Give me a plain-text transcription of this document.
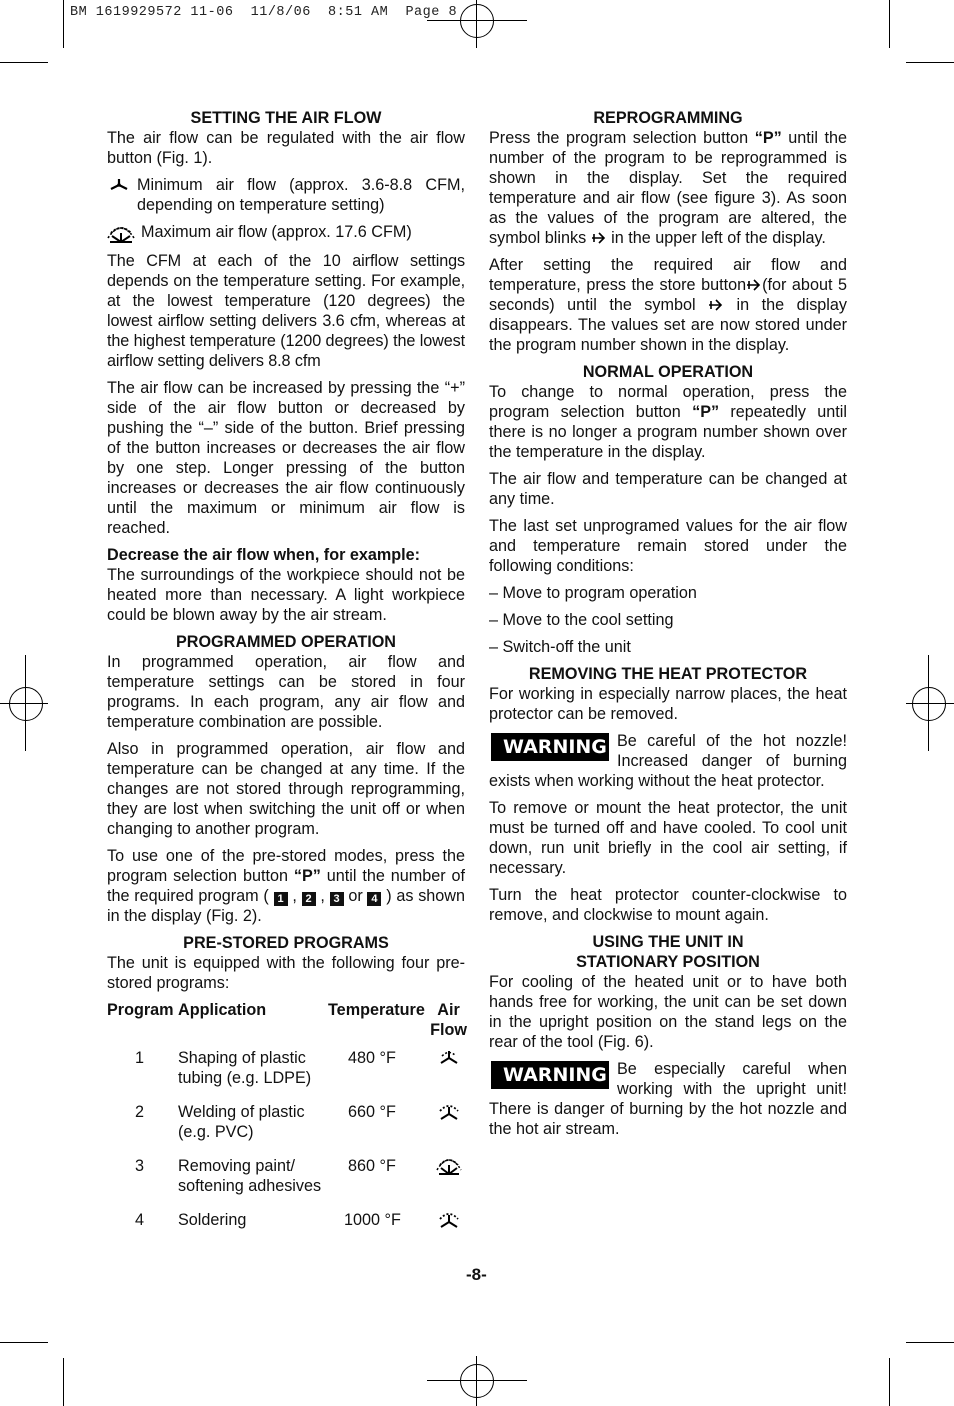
BM 1619929572 11-06  11/8/06  8:51 AM  Page 8
SETTING THE AIR FLOW

The air flow can be regulated with the air flow button (Fig. 1).

Minimum air flow (approx. 3.6-8.8 CFM, depending on temperature setting)
Maximum air flow (approx. 17.6 CFM)

The CFM at each of the 10 airflow settings depends on the temperature setting. For example, at the lowest temperature (120 degrees) the lowest airflow setting delivers 3.6 cfm, whereas at the highest temperature (1200 degrees) the lowest airflow setting delivers 8.8 cfm

The air flow can be increased by pressing the “+” side of the air flow button or decreased by pushing the “–” side of the button. Brief pressing of the button increases or decreases the air flow by one step. Longer pressing of the button increases or decreases the air flow continuously until the maximum or minimum air flow is reached.

Decrease the air flow when, for example:

The surroundings of the workpiece should not be heated more than necessary. A light workpiece could be blown away by the air stream.

PROGRAMMED OPERATION

In programmed operation, air flow and temperature settings can be stored in four programs. In each program, any air flow and temperature combination are possible.

Also in programmed operation, air flow and temperature can be changed at any time. If the changes are not stored through reprogramming, they are lost when switching the unit off or when changing to another program.

To use one of the pre-stored modes, press the program selection button “P” until the number of the required program ( 1 , 2 , 3 or 4 ) as shown in the display (Fig. 2).

PRE-STORED PROGRAMS

The unit is equipped with the following four pre-stored programs:

Program	Application	Temperature	Air Flow

1	Shaping of plastic tubing (e.g. LDPE)	480 °F	
2	Welding of plastic (e.g. PVC)	660 °F	
3	Removing paint/ softening adhesives	860 °F	
4	Soldering	1000 °F	
REPROGRAMMING

Press the program selection button “P” until the number of the program to be reprogrammed is shown in the display. Set the required temperature and air flow (see figure 3). As soon as the values of the program are altered, the symbol blinks  in the upper left of the display.

After setting the required air flow and temperature, press the store button (for about 5 seconds) until the symbol  in the display disappears. The values set are now stored under the program number shown in the display.

NORMAL OPERATION

To change to normal operation, press the program selection button “P” repeatedly until there is no longer a program number shown over the temperature in the display.

The air flow and temperature can be changed at any time.

The last set unprogramed values for the air flow and temperature remain stored under the following conditions:

– Move to program operation

– Move to the cool setting

– Switch-off the unit

REMOVING THE HEAT PROTECTOR

For working in especially narrow places, the heat protector can be removed.

WARNING Be careful of the hot nozzle! Increased danger of burning exists when working without the heat protector.

To remove or mount the heat protector, the unit must be turned off and have cooled. To cool unit down, run unit briefly in the cool air setting, if necessary.

Turn the heat protector counter-clockwise to remove, and clockwise to mount again.

USING THE UNIT IN
STATIONARY POSITION

For cooling of the heated unit or to have both hands free for working, the unit can be set down in the upright position on the stand legs on the rear of the tool (Fig. 6).

WARNING Be especially careful when working with the upright unit! There is danger of burning by the hot nozzle and the hot air stream.

-8-
